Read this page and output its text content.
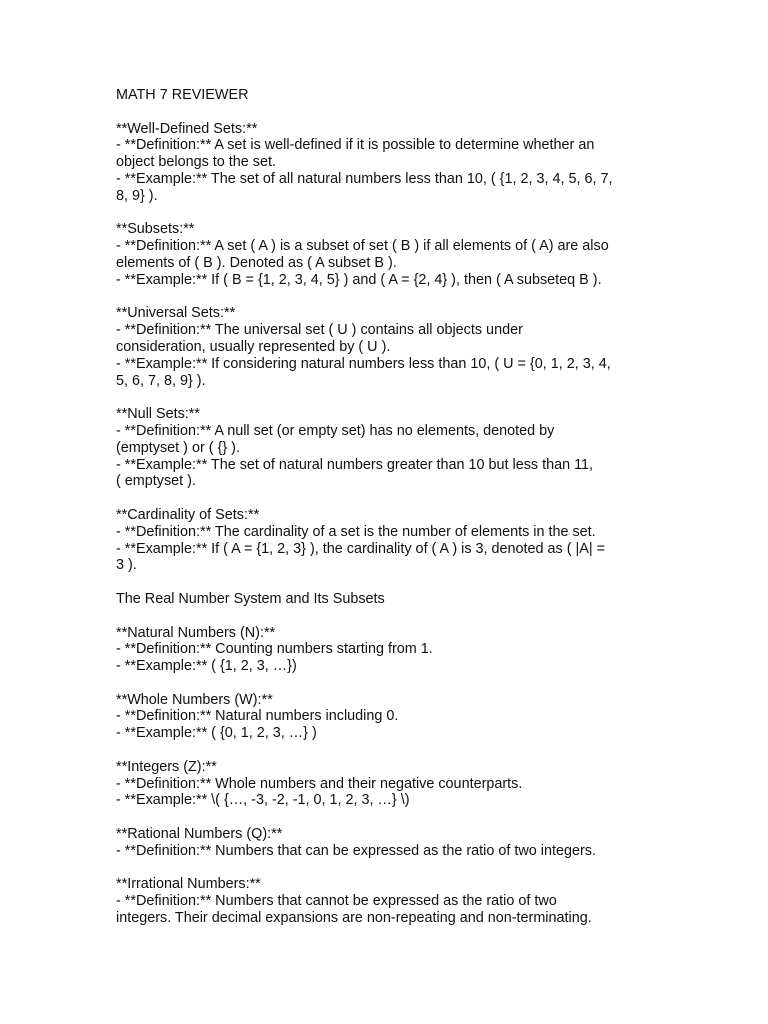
MATH 7 REVIEWER
**Well-Defined Sets:**
- **Definition:** A set is well-defined if it is possible to determine whether an
object belongs to the set.
- **Example:** The set of all natural numbers less than 10, ( {1, 2, 3, 4, 5, 6, 7,
8, 9} ).
**Subsets:**
- **Definition:** A set ( A ) is a subset of set ( B ) if all elements of ( A) are also
elements of ( B ). Denoted as ( A subset B ).
- **Example:** If ( B = {1, 2, 3, 4, 5} ) and ( A = {2, 4} ), then ( A subseteq B ).
**Universal Sets:**
- **Definition:** The universal set ( U ) contains all objects under
consideration, usually represented by ( U ).
- **Example:** If considering natural numbers less than 10, ( U = {0, 1, 2, 3, 4,
5, 6, 7, 8, 9} ).
**Null Sets:**
- **Definition:** A null set (or empty set) has no elements, denoted by
(emptyset ) or ( {} ).
- **Example:** The set of natural numbers greater than 10 but less than 11,
( emptyset ).
**Cardinality of Sets:**
- **Definition:** The cardinality of a set is the number of elements in the set.
- **Example:** If ( A = {1, 2, 3} ), the cardinality of ( A ) is 3, denoted as ( |A| =
3 ).
The Real Number System and Its Subsets
**Natural Numbers (N):**
- **Definition:** Counting numbers starting from 1.
- **Example:** ( {1, 2, 3, …})
**Whole Numbers (W):**
- **Definition:** Natural numbers including 0.
- **Example:** ( {0, 1, 2, 3, …} )
**Integers (Z):**
- **Definition:** Whole numbers and their negative counterparts.
- **Example:** \( {…, -3, -2, -1, 0, 1, 2, 3, …} \)
**Rational Numbers (Q):**
- **Definition:** Numbers that can be expressed as the ratio of two integers.
**Irrational Numbers:**
- **Definition:** Numbers that cannot be expressed as the ratio of two
integers. Their decimal expansions are non-repeating and non-terminating.
